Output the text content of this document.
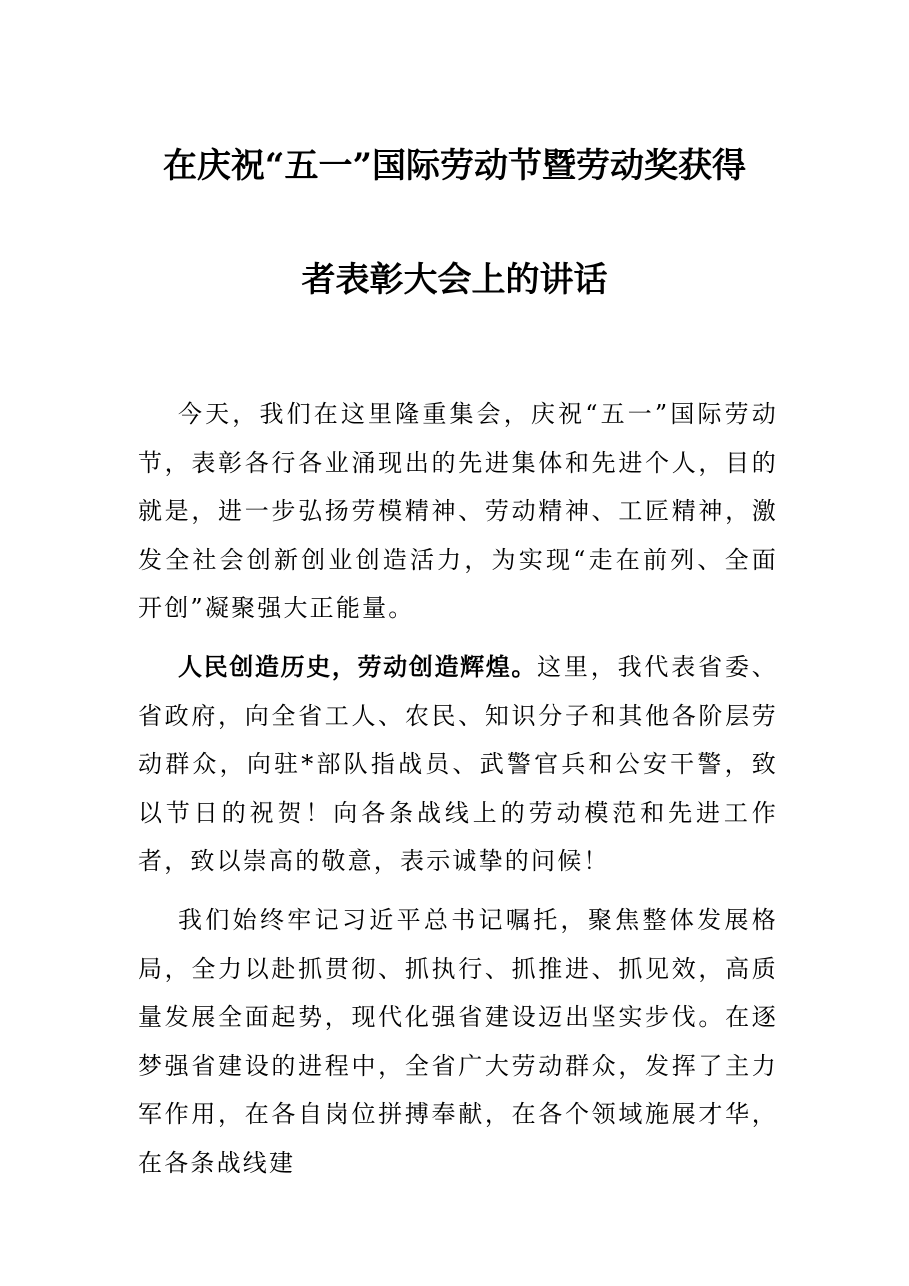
在庆祝“五一”国际劳动节暨劳动奖获得
者表彰大会上的讲话

今天，我们在这里隆重集会，庆祝“五一”国际劳动节，表彰各行各业涌现出的先进集体和先进个人，目的就是，进一步弘扬劳模精神、劳动精神、工匠精神，激发全社会创新创业创造活力，为实现“走在前列、全面开创”凝聚强大正能量。

人民创造历史，劳动创造辉煌。这里，我代表省委、省政府，向全省工人、农民、知识分子和其他各阶层劳动群众，向驻*部队指战员、武警官兵和公安干警，致以节日的祝贺！向各条战线上的劳动模范和先进工作者，致以崇高的敬意，表示诚挚的问候！

我们始终牢记习近平总书记嘱托，聚焦整体发展格局，全力以赴抓贯彻、抓执行、抓推进、抓见效，高质量发展全面起势，现代化强省建设迈出坚实步伐。在逐梦强省建设的进程中，全省广大劳动群众，发挥了主力军作用，在各自岗位拼搏奉献，在各个领域施展才华，在各条战线建
